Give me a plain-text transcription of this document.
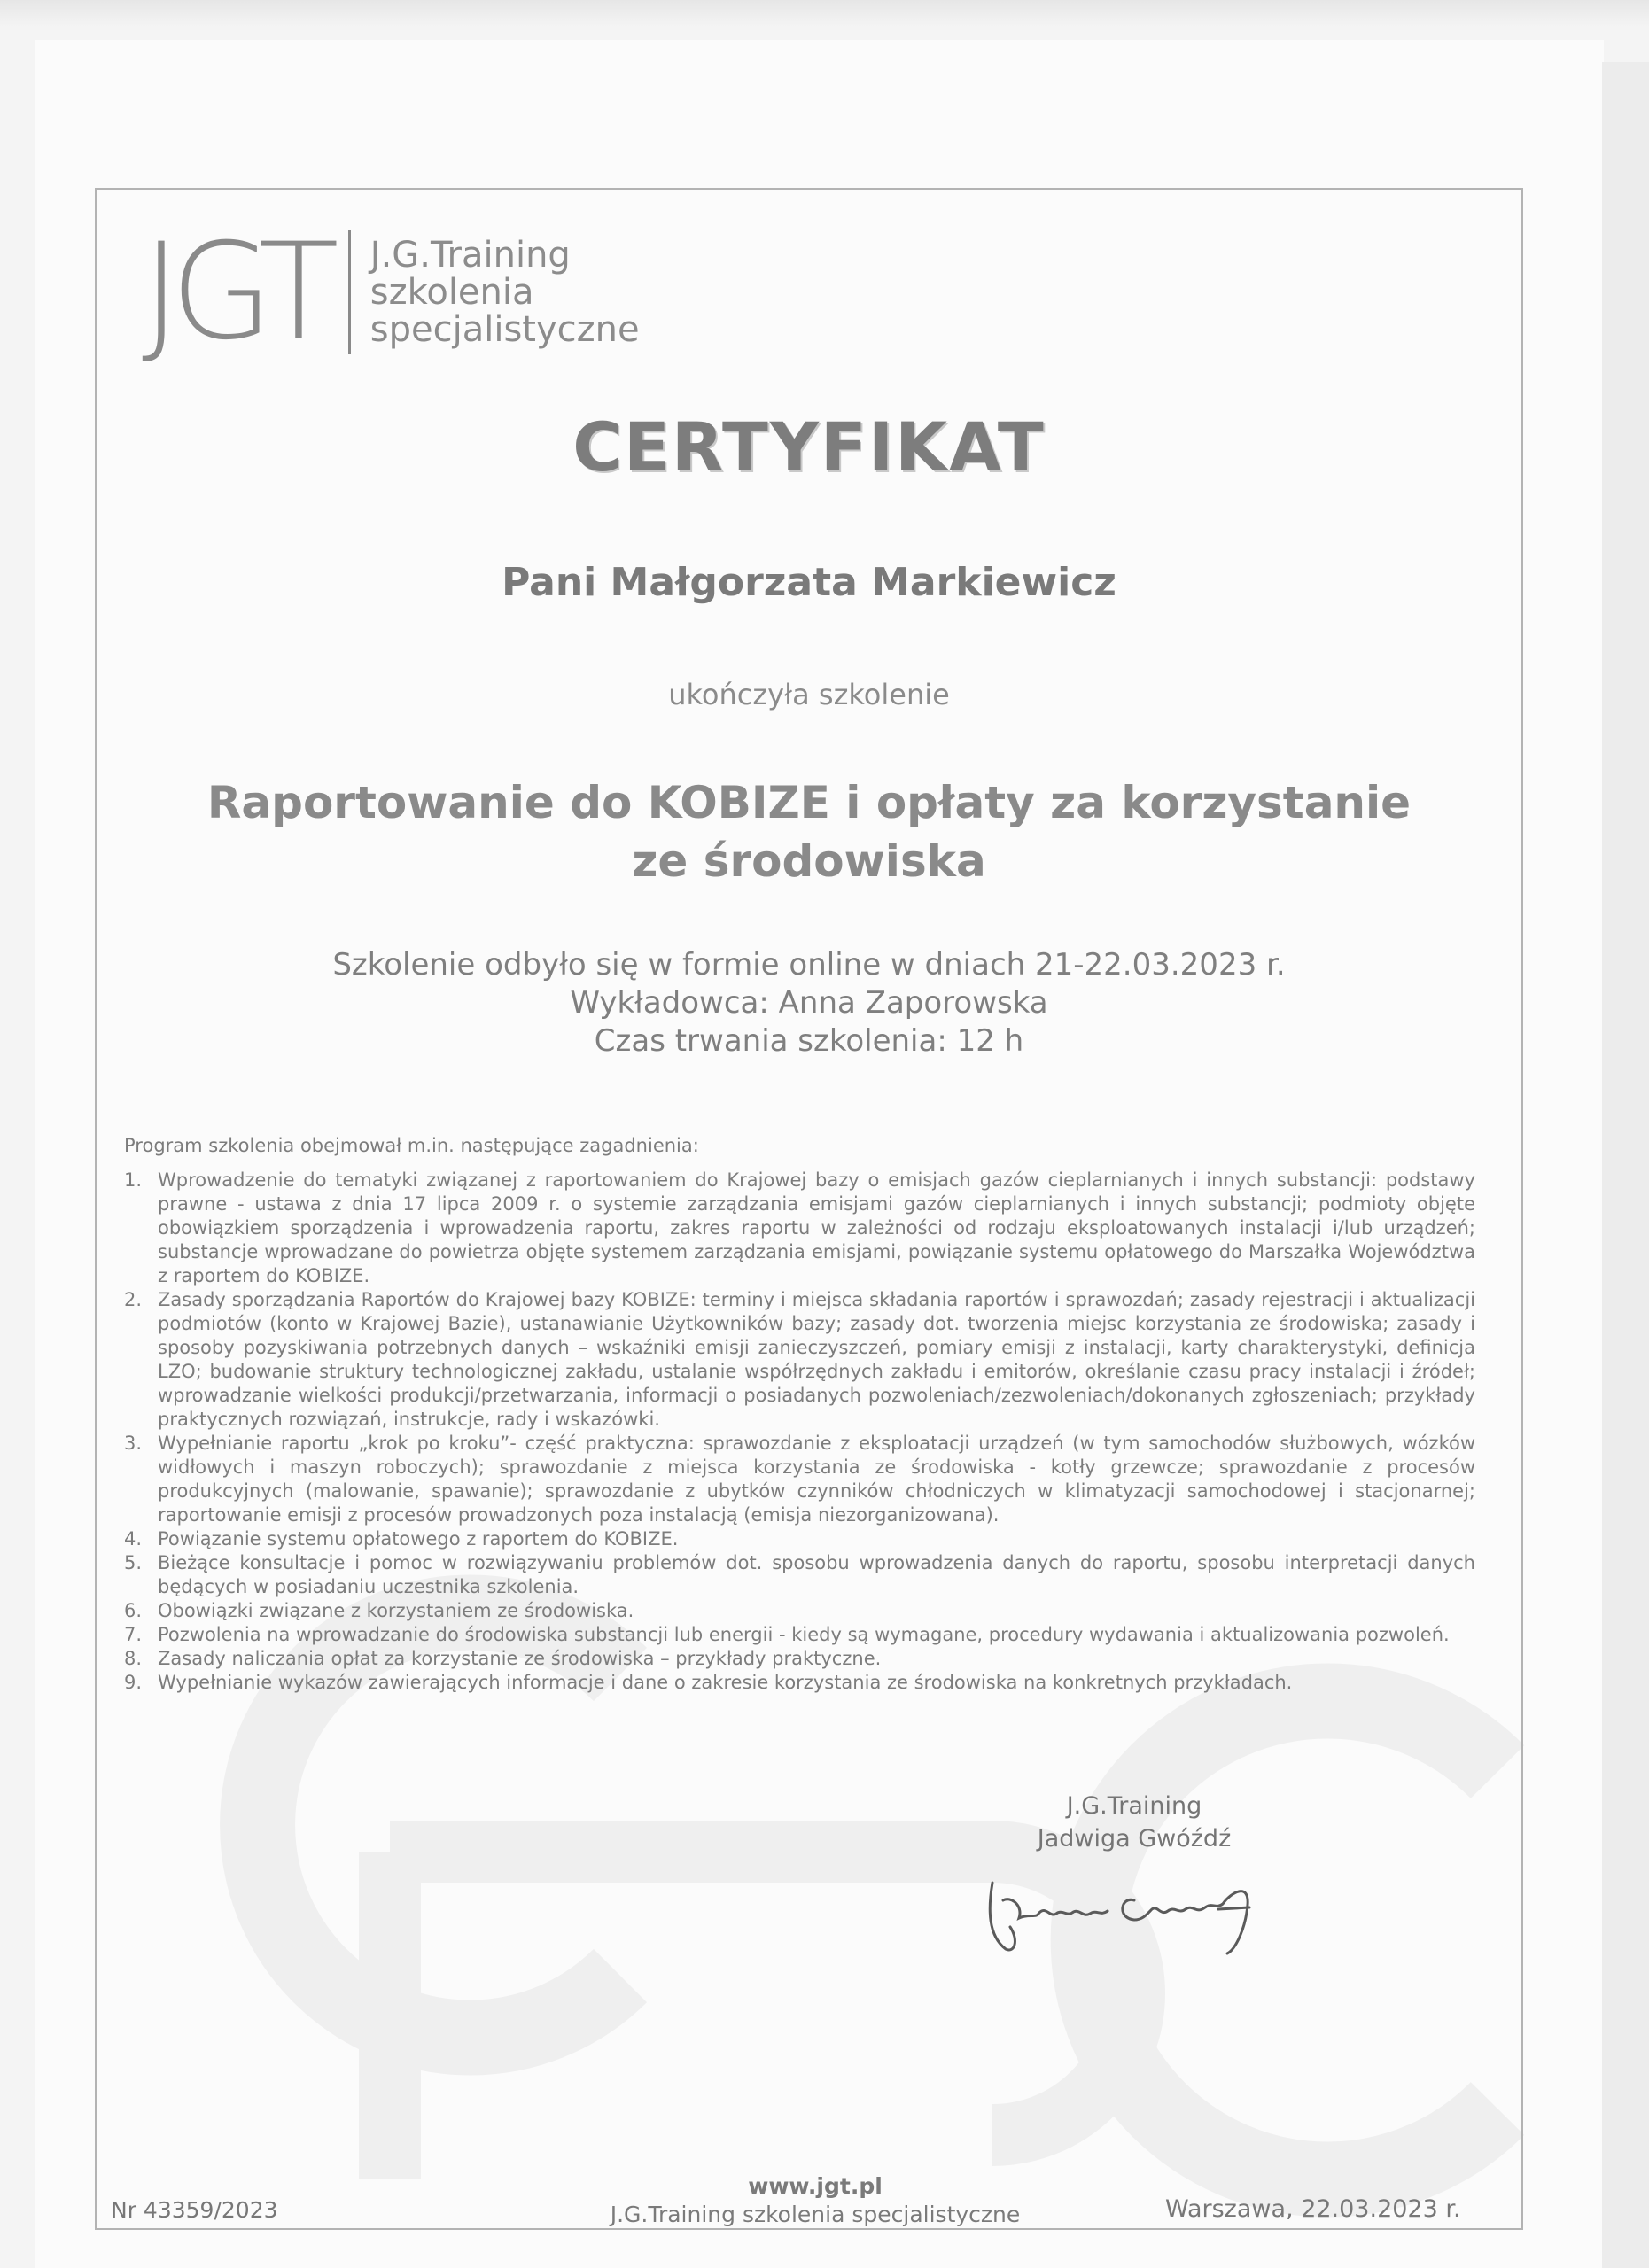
JGT J.G.Training
szkolenia
specjalistyczne
CERTYFIKAT
Pani Małgorzata Markiewicz
ukończyła szkolenie
Raportowanie do KOBIZE i opłaty za korzystanie
ze środowiska
Szkolenie odbyło się w formie online w dniach 21-22.03.2023 r.
Wykładowca: Anna Zaporowska
Czas trwania szkolenia: 12 h
Program szkolenia obejmował m.in. następujące zagadnienia:
1. Wprowadzenie do tematyki związanej z raportowaniem do Krajowej bazy o emisjach gazów cieplarnianych i innych substancji: podstawy prawne - ustawa z dnia 17 lipca 2009 r. o systemie zarządzania emisjami gazów cieplarnianych i innych substancji; podmioty objęte obowiązkiem sporządzenia i wprowadzenia raportu, zakres raportu w zależności od rodzaju eksploatowanych instalacji i/lub urządzeń; substancje wprowadzane do powietrza objęte systemem zarządzania emisjami, powiązanie systemu opłatowego do Marszałka Województwa z raportem do KOBIZE.
2. Zasady sporządzania Raportów do Krajowej bazy KOBIZE: terminy i miejsca składania raportów i sprawozdań; zasady rejestracji i aktualizacji podmiotów (konto w Krajowej Bazie), ustanawianie Użytkowników bazy; zasady dot. tworzenia miejsc korzystania ze środowiska; zasady i sposoby pozyskiwania potrzebnych danych – wskaźniki emisji zanieczyszczeń, pomiary emisji z instalacji, karty charakterystyki, definicja LZO; budowanie struktury technologicznej zakładu, ustalanie współrzędnych zakładu i emitorów, określanie czasu pracy instalacji i źródeł; wprowadzanie wielkości produkcji/przetwarzania, informacji o posiadanych pozwoleniach/zezwoleniach/dokonanych zgłoszeniach; przykłady praktycznych rozwiązań, instrukcje, rady i wskazówki.
3. Wypełnianie raportu „krok po kroku”- część praktyczna: sprawozdanie z eksploatacji urządzeń (w tym samochodów służbowych, wózków widłowych i maszyn roboczych); sprawozdanie z miejsca korzystania ze środowiska - kotły grzewcze; sprawozdanie z procesów produkcyjnych (malowanie, spawanie); sprawozdanie z ubytków czynników chłodniczych w klimatyzacji samochodowej i stacjonarnej; raportowanie emisji z procesów prowadzonych poza instalacją (emisja niezorganizowana).
4. Powiązanie systemu opłatowego z raportem do KOBIZE.
5. Bieżące konsultacje i pomoc w rozwiązywaniu problemów dot. sposobu wprowadzenia danych do raportu, sposobu interpretacji danych będących w posiadaniu uczestnika szkolenia.
6. Obowiązki związane z korzystaniem ze środowiska.
7. Pozwolenia na wprowadzanie do środowiska substancji lub energii - kiedy są wymagane, procedury wydawania i aktualizowania pozwoleń.
8. Zasady naliczania opłat za korzystanie ze środowiska – przykłady praktyczne.
9. Wypełnianie wykazów zawierających informacje i dane o zakresie korzystania ze środowiska na konkretnych przykładach.
J.G.Training
Jadwiga Gwóźdź
Nr 43359/2023
www.jgt.pl
J.G.Training szkolenia specjalistyczne	Warszawa, 22.03.2023 r.
